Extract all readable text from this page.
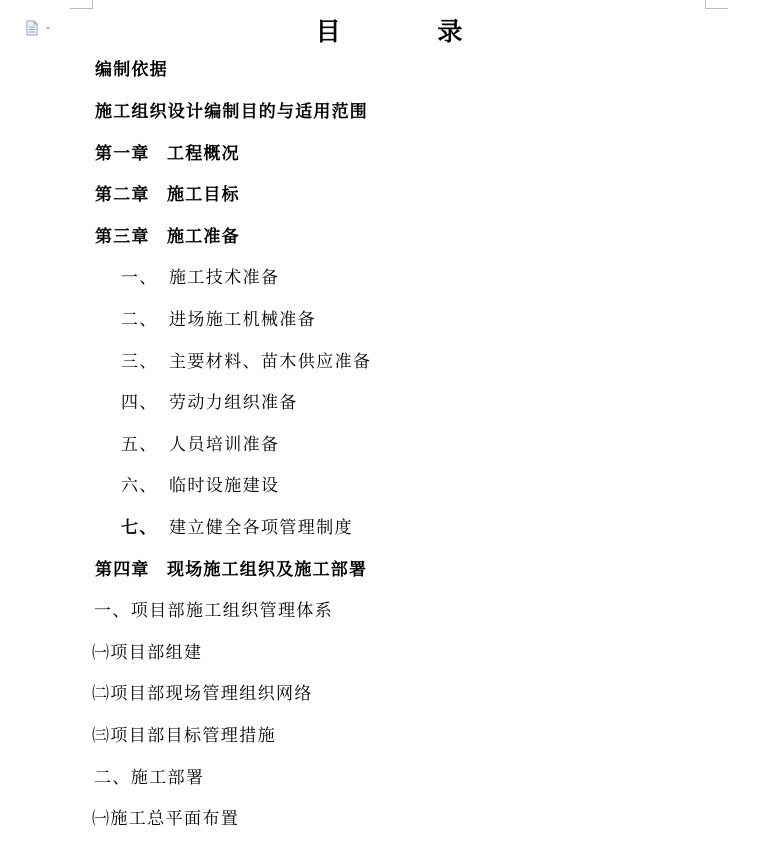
目 录
编制依据
施工组织设计编制目的与适用范围
第一章 工程概况
第二章 施工目标
第三章 施工准备
一、 施工技术准备
二、 进场施工机械准备
三、 主要材料、苗木供应准备
四、 劳动力组织准备
五、 人员培训准备
六、 临时设施建设
七、 建立健全各项管理制度
第四章 现场施工组织及施工部署
一、项目部施工组织管理体系
㈠项目部组建
㈡项目部现场管理组织网络
㈢项目部目标管理措施
二、施工部署
㈠施工总平面布置
